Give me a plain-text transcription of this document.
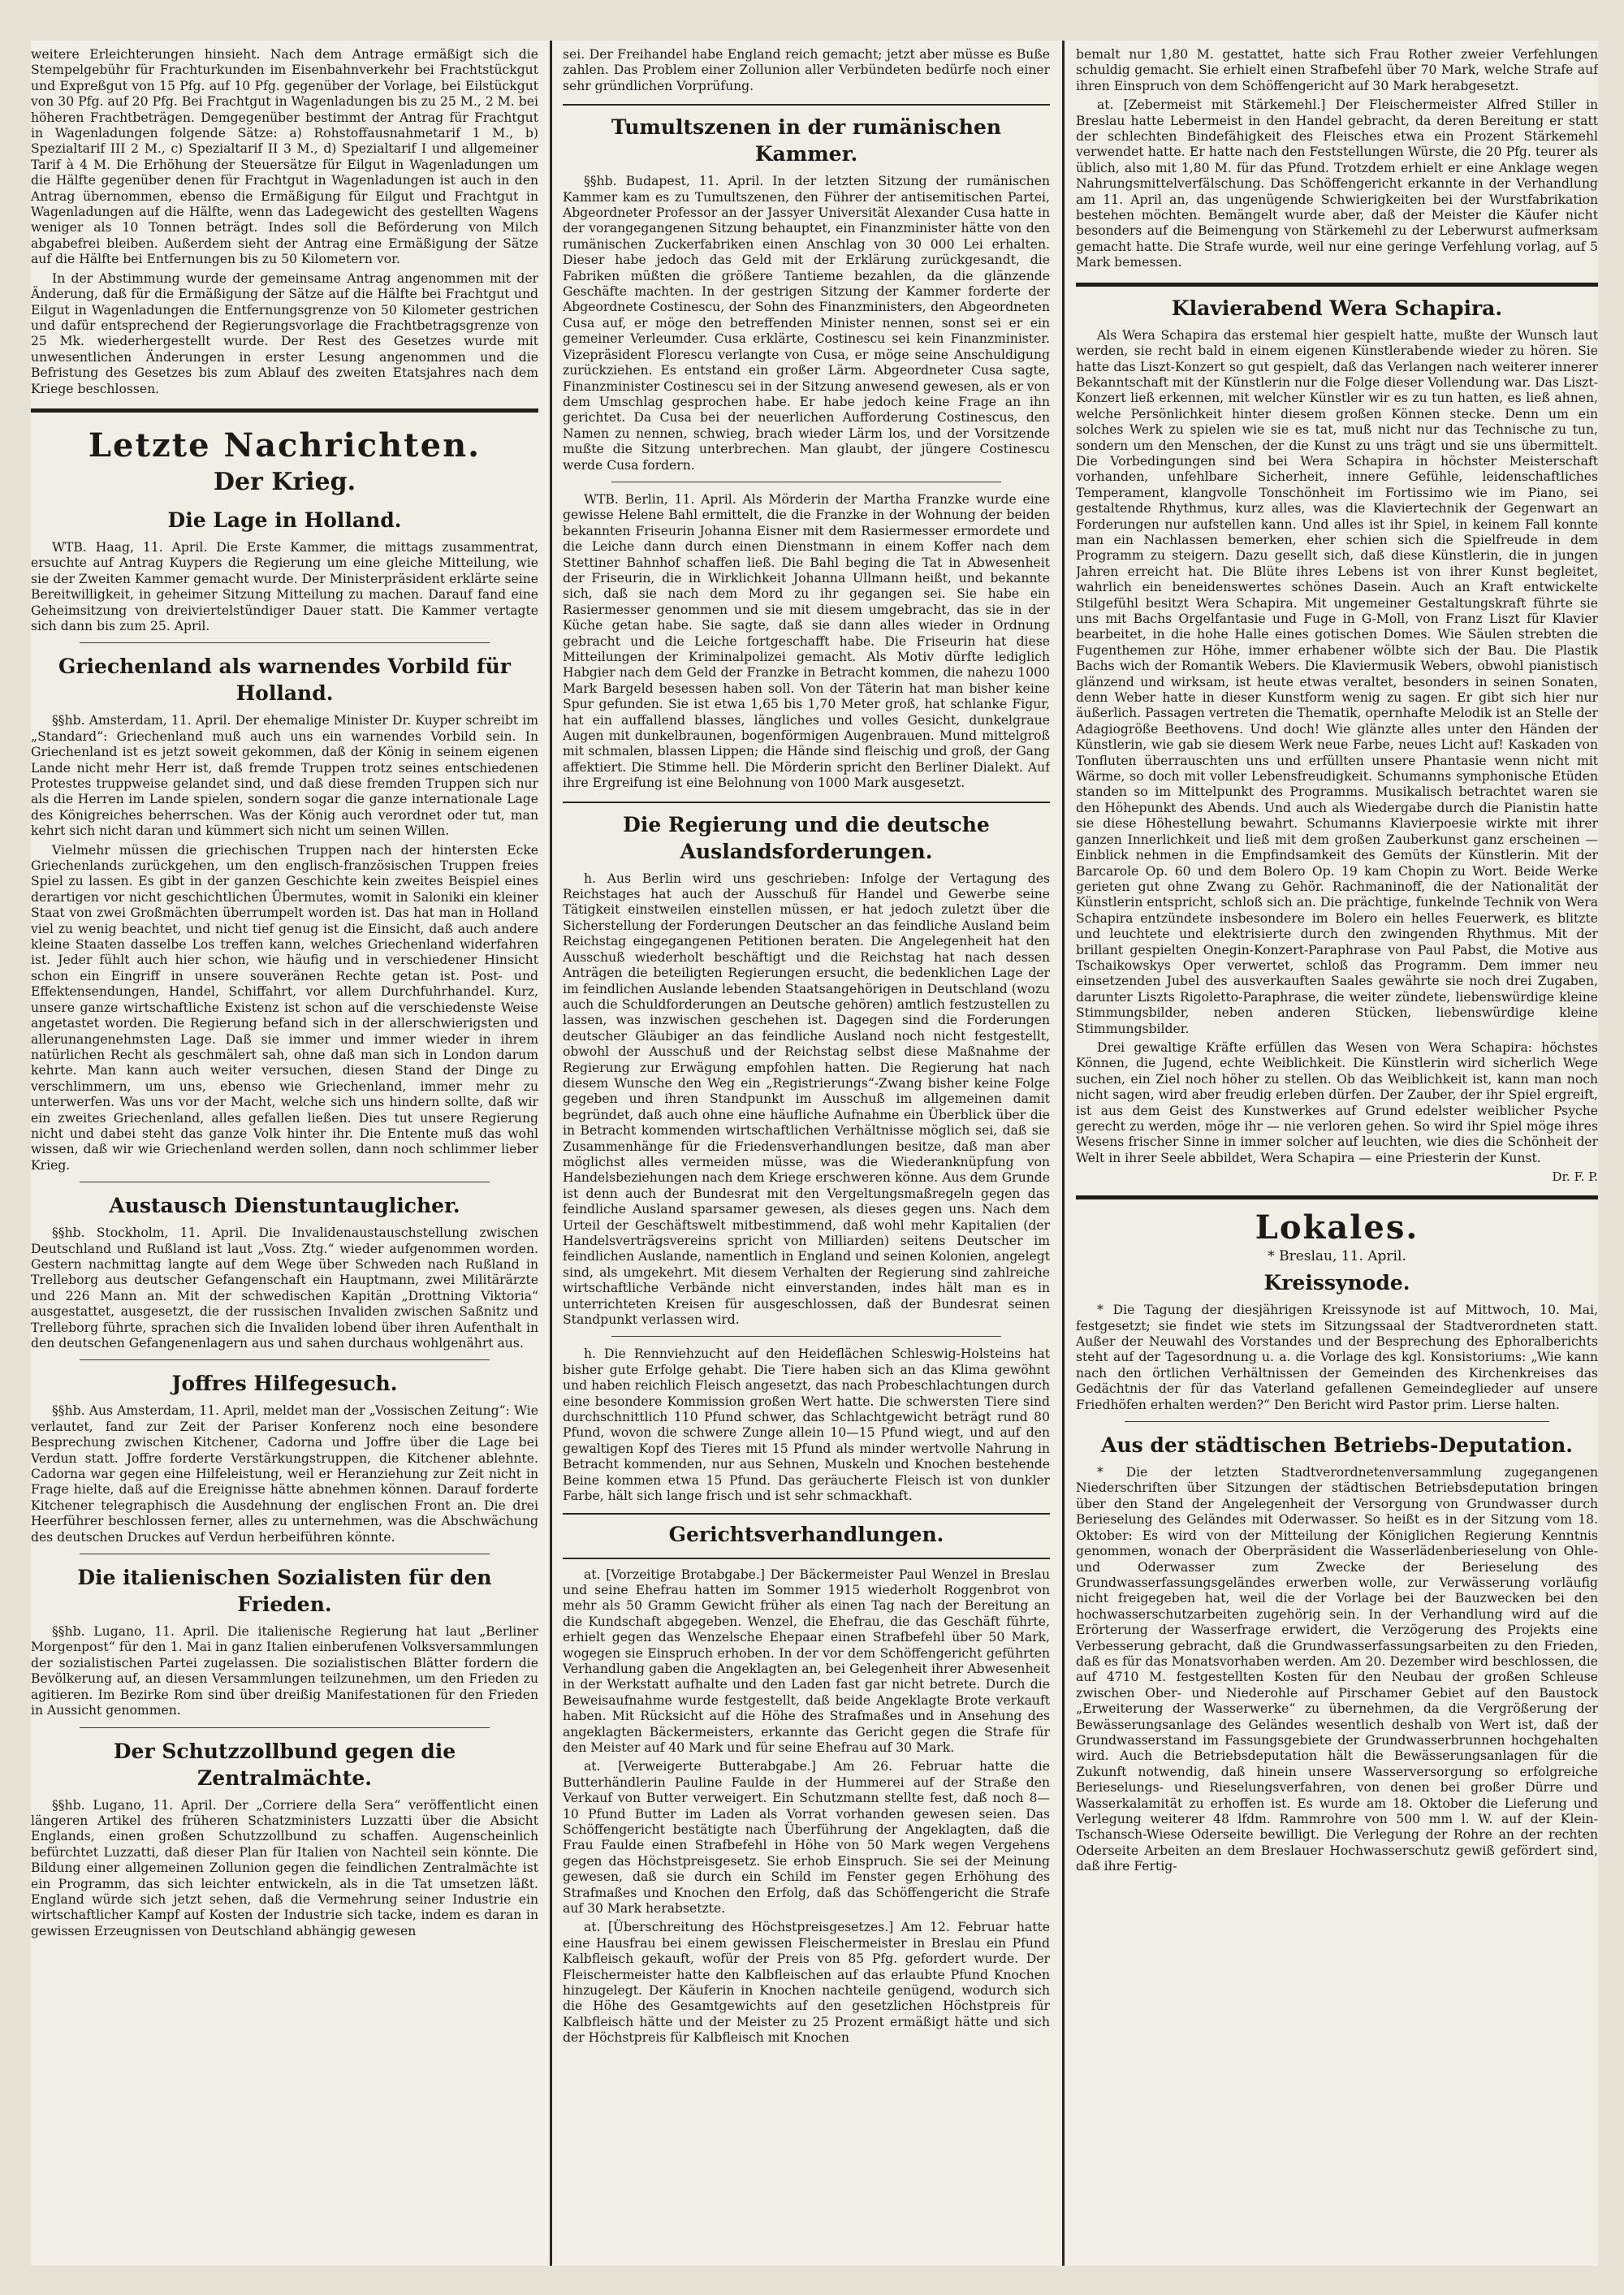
weitere Erleichterungen hinsieht. Nach dem Antrage ermäßigt sich die Stempelgebühr für Frachturkunden im Eisenbahnverkehr bei Frachtstückgut und Expreßgut von 15 Pfg. auf 10 Pfg. gegenüber der Vorlage, bei Eilstückgut von 30 Pfg. auf 20 Pfg. Bei Frachtgut in Wagenladungen bis zu 25 M., 2 M. bei höheren Frachtbeträgen. Demgegenüber bestimmt der Antrag für Frachtgut in Wagenladungen folgende Sätze: a) Rohstoffausnahmetarif 1 M., b) Spezialtarif III 2 M., c) Spezialtarif II 3 M., d) Spezialtarif I und allgemeiner Tarif à 4 M. Die Erhöhung der Steuersätze für Eilgut in Wagenladungen um die Hälfte gegenüber denen für Frachtgut in Wagenladungen ist auch in den Antrag übernommen, ebenso die Ermäßigung für Eilgut und Frachtgut in Wagenladungen auf die Hälfte, wenn das Ladegewicht des gestellten Wagens weniger als 10 Tonnen beträgt. Indes soll die Beförderung von Milch abgabefrei bleiben. Außerdem sieht der Antrag eine Ermäßigung der Sätze auf die Hälfte bei Entfernungen bis zu 50 Kilometern vor.

In der Abstimmung wurde der gemeinsame Antrag angenommen mit der Änderung, daß für die Ermäßigung der Sätze auf die Hälfte bei Frachtgut und Eilgut in Wagenladungen die Entfernungsgrenze von 50 Kilometer gestrichen und dafür entsprechend der Regierungsvorlage die Frachtbetragsgrenze von 25 Mk. wiederhergestellt wurde. Der Rest des Gesetzes wurde mit unwesentlichen Änderungen in erster Lesung angenommen und die Befristung des Gesetzes bis zum Ablauf des zweiten Etatsjahres nach dem Kriege beschlossen.

Letzte Nachrichten.
Der Krieg.
Die Lage in Holland.

WTB. Haag, 11. April. Die Erste Kammer, die mittags zusammentrat, ersuchte auf Antrag Kuypers die Regierung um eine gleiche Mitteilung, wie sie der Zweiten Kammer gemacht wurde. Der Ministerpräsident erklärte seine Bereitwilligkeit, in geheimer Sitzung Mitteilung zu machen. Darauf fand eine Geheimsitzung von dreiviertelstündiger Dauer statt. Die Kammer vertagte sich dann bis zum 25. April.

Griechenland als warnendes Vorbild für Holland.

§§hb. Amsterdam, 11. April. Der ehemalige Minister Dr. Kuyper schreibt im „Standard“: Griechenland muß auch uns ein warnendes Vorbild sein. In Griechenland ist es jetzt soweit gekommen, daß der König in seinem eigenen Lande nicht mehr Herr ist, daß fremde Truppen trotz seines entschiedenen Protestes truppweise gelandet sind, und daß diese fremden Truppen sich nur als die Herren im Lande spielen, sondern sogar die ganze internationale Lage des Königreiches beherrschen. Was der König auch verordnet oder tut, man kehrt sich nicht daran und kümmert sich nicht um seinen Willen.

Vielmehr müssen die griechischen Truppen nach der hintersten Ecke Griechenlands zurückgehen, um den englisch-französischen Truppen freies Spiel zu lassen. Es gibt in der ganzen Geschichte kein zweites Beispiel eines derartigen vor nicht geschichtlichen Übermutes, womit in Saloniki ein kleiner Staat von zwei Großmächten überrumpelt worden ist. Das hat man in Holland viel zu wenig beachtet, und nicht tief genug ist die Einsicht, daß auch andere kleine Staaten dasselbe Los treffen kann, welches Griechenland widerfahren ist. Jeder fühlt auch hier schon, wie häufig und in verschiedener Hinsicht schon ein Eingriff in unsere souveränen Rechte getan ist. Post- und Effektensendungen, Handel, Schiffahrt, vor allem Durchfuhrhandel. Kurz, unsere ganze wirtschaftliche Existenz ist schon auf die verschiedenste Weise angetastet worden. Die Regierung befand sich in der allerschwierigsten und allerunangenehmsten Lage. Daß sie immer und immer wieder in ihrem natürlichen Recht als geschmälert sah, ohne daß man sich in London darum kehrte. Man kann auch weiter versuchen, diesen Stand der Dinge zu verschlimmern, um uns, ebenso wie Griechenland, immer mehr zu unterwerfen. Was uns vor der Macht, welche sich uns hindern sollte, daß wir ein zweites Griechenland, alles gefallen ließen. Dies tut unsere Regierung nicht und dabei steht das ganze Volk hinter ihr. Die Entente muß das wohl wissen, daß wir wie Griechenland werden sollen, dann noch schlimmer lieber Krieg.

Austausch Dienstuntauglicher.

§§hb. Stockholm, 11. April. Die Invalidenaustauschstellung zwischen Deutschland und Rußland ist laut „Voss. Ztg.“ wieder aufgenommen worden. Gestern nachmittag langte auf dem Wege über Schweden nach Rußland in Trelleborg aus deutscher Gefangenschaft ein Hauptmann, zwei Militärärzte und 226 Mann an. Mit der schwedischen Kapitän „Drottning Viktoria“ ausgestattet, ausgesetzt, die der russischen Invaliden zwischen Saßnitz und Trelleborg führte, sprachen sich die Invaliden lobend über ihren Aufenthalt in den deutschen Gefangenenlagern aus und sahen durchaus wohlgenährt aus.

Joffres Hilfegesuch.

§§hb. Aus Amsterdam, 11. April, meldet man der „Vossischen Zeitung“: Wie verlautet, fand zur Zeit der Pariser Konferenz noch eine besondere Besprechung zwischen Kitchener, Cadorna und Joffre über die Lage bei Verdun statt. Joffre forderte Verstärkungstruppen, die Kitchener ablehnte. Cadorna war gegen eine Hilfeleistung, weil er Heranziehung zur Zeit nicht in Frage hielte, daß auf die Ereignisse hätte abnehmen können. Darauf forderte Kitchener telegraphisch die Ausdehnung der englischen Front an. Die drei Heerführer beschlossen ferner, alles zu unternehmen, was die Abschwächung des deutschen Druckes auf Verdun herbeiführen könnte.

Die italienischen Sozialisten für den Frieden.

§§hb. Lugano, 11. April. Die italienische Regierung hat laut „Berliner Morgenpost“ für den 1. Mai in ganz Italien einberufenen Volksversammlungen der sozialistischen Partei zugelassen. Die sozialistischen Blätter fordern die Bevölkerung auf, an diesen Versammlungen teilzunehmen, um den Frieden zu agitieren. Im Bezirke Rom sind über dreißig Manifestationen für den Frieden in Aussicht genommen.

Der Schutzzollbund gegen die Zentralmächte.

§§hb. Lugano, 11. April. Der „Corriere della Sera“ veröffentlicht einen längeren Artikel des früheren Schatzministers Luzzatti über die Absicht Englands, einen großen Schutzzollbund zu schaffen. Augenscheinlich befürchtet Luzzatti, daß dieser Plan für Italien von Nachteil sein könnte. Die Bildung einer allgemeinen Zollunion gegen die feindlichen Zentralmächte ist ein Programm, das sich leichter entwickeln, als in die Tat umsetzen läßt. England würde sich jetzt sehen, daß die Vermehrung seiner Industrie ein wirtschaftlicher Kampf auf Kosten der Industrie sich tacke, indem es daran in gewissen Erzeugnissen von Deutschland abhängig gewesen

sei. Der Freihandel habe England reich gemacht; jetzt aber müsse es Buße zahlen. Das Problem einer Zollunion aller Verbündeten bedürfe noch einer sehr gründlichen Vorprüfung.

Tumultszenen in der rumänischen Kammer.

§§hb. Budapest, 11. April. In der letzten Sitzung der rumänischen Kammer kam es zu Tumultszenen, den Führer der antisemitischen Partei, Abgeordneter Professor an der Jassyer Universität Alexander Cusa hatte in der vorangegangenen Sitzung behauptet, ein Finanzminister hätte von den rumänischen Zuckerfabriken einen Anschlag von 30 000 Lei erhalten. Dieser habe jedoch das Geld mit der Erklärung zurückgesandt, die Fabriken müßten die größere Tantieme bezahlen, da die glänzende Geschäfte machten. In der gestrigen Sitzung der Kammer forderte der Abgeordnete Costinescu, der Sohn des Finanzministers, den Abgeordneten Cusa auf, er möge den betreffenden Minister nennen, sonst sei er ein gemeiner Verleumder. Cusa erklärte, Costinescu sei kein Finanzminister. Vizepräsident Florescu verlangte von Cusa, er möge seine Anschuldigung zurückziehen. Es entstand ein großer Lärm. Abgeordneter Cusa sagte, Finanzminister Costinescu sei in der Sitzung anwesend gewesen, als er von dem Umschlag gesprochen habe. Er habe jedoch keine Frage an ihn gerichtet. Da Cusa bei der neuerlichen Aufforderung Costinescus, den Namen zu nennen, schwieg, brach wieder Lärm los, und der Vorsitzende mußte die Sitzung unterbrechen. Man glaubt, der jüngere Costinescu werde Cusa fordern.

WTB. Berlin, 11. April. Als Mörderin der Martha Franzke wurde eine gewisse Helene Bahl ermittelt, die die Franzke in der Wohnung der beiden bekannten Friseurin Johanna Eisner mit dem Rasiermesser ermordete und die Leiche dann durch einen Dienstmann in einem Koffer nach dem Stettiner Bahnhof schaffen ließ. Die Bahl beging die Tat in Abwesenheit der Friseurin, die in Wirklichkeit Johanna Ullmann heißt, und bekannte sich, daß sie nach dem Mord zu ihr gegangen sei. Sie habe ein Rasiermesser genommen und sie mit diesem umgebracht, das sie in der Küche getan habe. Sie sagte, daß sie dann alles wieder in Ordnung gebracht und die Leiche fortgeschafft habe. Die Friseurin hat diese Mitteilungen der Kriminalpolizei gemacht. Als Motiv dürfte lediglich Habgier nach dem Geld der Franzke in Betracht kommen, die nahezu 1000 Mark Bargeld besessen haben soll. Von der Täterin hat man bisher keine Spur gefunden. Sie ist etwa 1,65 bis 1,70 Meter groß, hat schlanke Figur, hat ein auffallend blasses, längliches und volles Gesicht, dunkelgraue Augen mit dunkelbraunen, bogenförmigen Augenbrauen. Mund mittelgroß mit schmalen, blassen Lippen; die Hände sind fleischig und groß, der Gang affektiert. Die Stimme hell. Die Mörderin spricht den Berliner Dialekt. Auf ihre Ergreifung ist eine Belohnung von 1000 Mark ausgesetzt.

Die Regierung und die deutsche Auslandsforderungen.

h. Aus Berlin wird uns geschrieben: Infolge der Vertagung des Reichstages hat auch der Ausschuß für Handel und Gewerbe seine Tätigkeit einstweilen einstellen müssen, er hat jedoch zuletzt über die Sicherstellung der Forderungen Deutscher an das feindliche Ausland beim Reichstag eingegangenen Petitionen beraten. Die Angelegenheit hat den Ausschuß wiederholt beschäftigt und die Reichstag hat nach dessen Anträgen die beteiligten Regierungen ersucht, die bedenklichen Lage der im feindlichen Auslande lebenden Staatsangehörigen in Deutschland (wozu auch die Schuldforderungen an Deutsche gehören) amtlich festzustellen zu lassen, was inzwischen geschehen ist. Dagegen sind die Forderungen deutscher Gläubiger an das feindliche Ausland noch nicht festgestellt, obwohl der Ausschuß und der Reichstag selbst diese Maßnahme der Regierung zur Erwägung empfohlen hatten. Die Regierung hat nach diesem Wunsche den Weg ein „Registrierungs“-Zwang bisher keine Folge gegeben und ihren Standpunkt im Ausschuß im allgemeinen damit begründet, daß auch ohne eine häufliche Aufnahme ein Überblick über die in Betracht kommenden wirtschaftlichen Verhältnisse möglich sei, daß sie Zusammenhänge für die Friedensverhandlungen besitze, daß man aber möglichst alles vermeiden müsse, was die Wiederanknüpfung von Handelsbeziehungen nach dem Kriege erschweren könne. Aus dem Grunde ist denn auch der Bundesrat mit den Vergeltungsmaßregeln gegen das feindliche Ausland sparsamer gewesen, als dieses gegen uns. Nach dem Urteil der Geschäftswelt mitbestimmend, daß wohl mehr Kapitalien (der Handelsverträgsvereins spricht von Milliarden) seitens Deutscher im feindlichen Auslande, namentlich in England und seinen Kolonien, angelegt sind, als umgekehrt. Mit diesem Verhalten der Regierung sind zahlreiche wirtschaftliche Verbände nicht einverstanden, indes hält man es in unterrichteten Kreisen für ausgeschlossen, daß der Bundesrat seinen Standpunkt verlassen wird.

h. Die Rennviehzucht auf den Heideflächen Schleswig-Holsteins hat bisher gute Erfolge gehabt. Die Tiere haben sich an das Klima gewöhnt und haben reichlich Fleisch angesetzt, das nach Probeschlachtungen durch eine besondere Kommission großen Wert hatte. Die schwersten Tiere sind durchschnittlich 110 Pfund schwer, das Schlachtgewicht beträgt rund 80 Pfund, wovon die schwere Zunge allein 10—15 Pfund wiegt, und auf den gewaltigen Kopf des Tieres mit 15 Pfund als minder wertvolle Nahrung in Betracht kommenden, nur aus Sehnen, Muskeln und Knochen bestehende Beine kommen etwa 15 Pfund. Das geräucherte Fleisch ist von dunkler Farbe, hält sich lange frisch und ist sehr schmackhaft.

Gerichtsverhandlungen.

at. [Vorzeitige Brotabgabe.] Der Bäckermeister Paul Wenzel in Breslau und seine Ehefrau hatten im Sommer 1915 wiederholt Roggenbrot von mehr als 50 Gramm Gewicht früher als einen Tag nach der Bereitung an die Kundschaft abgegeben. Wenzel, die Ehefrau, die das Geschäft führte, erhielt gegen das Wenzelsche Ehepaar einen Strafbefehl über 50 Mark, wogegen sie Einspruch erhoben. In der vor dem Schöffengericht geführten Verhandlung gaben die Angeklagten an, bei Gelegenheit ihrer Abwesenheit in der Werkstatt aufhalte und den Laden fast gar nicht betrete. Durch die Beweisaufnahme wurde festgestellt, daß beide Angeklagte Brote verkauft haben. Mit Rücksicht auf die Höhe des Strafmaßes und in Ansehung des angeklagten Bäckermeisters, erkannte das Gericht gegen die Strafe für den Meister auf 40 Mark und für seine Ehefrau auf 30 Mark.

at. [Verweigerte Butterabgabe.] Am 26. Februar hatte die Butterhändlerin Pauline Faulde in der Hummerei auf der Straße den Verkauf von Butter verweigert. Ein Schutzmann stellte fest, daß noch 8—10 Pfund Butter im Laden als Vorrat vorhanden gewesen seien. Das Schöffengericht bestätigte nach Überführung der Angeklagten, daß die Frau Faulde einen Strafbefehl in Höhe von 50 Mark wegen Vergehens gegen das Höchstpreisgesetz. Sie erhob Einspruch. Sie sei der Meinung gewesen, daß sie durch ein Schild im Fenster gegen Erhöhung des Strafmaßes und Knochen den Erfolg, daß das Schöffengericht die Strafe auf 30 Mark herabsetzte.

at. [Überschreitung des Höchstpreisgesetzes.] Am 12. Februar hatte eine Hausfrau bei einem gewissen Fleischermeister in Breslau ein Pfund Kalbfleisch gekauft, wofür der Preis von 85 Pfg. gefordert wurde. Der Fleischermeister hatte den Kalbfleischen auf das erlaubte Pfund Knochen hinzugelegt. Der Käuferin in Knochen nachteile genügend, wodurch sich die Höhe des Gesamtgewichts auf den gesetzlichen Höchstpreis für Kalbfleisch hätte und der Meister zu 25 Prozent ermäßigt hätte und sich der Höchstpreis für Kalbfleisch mit Knochen

bemalt nur 1,80 M. gestattet, hatte sich Frau Rother zweier Verfehlungen schuldig gemacht. Sie erhielt einen Strafbefehl über 70 Mark, welche Strafe auf ihren Einspruch von dem Schöffengericht auf 30 Mark herabgesetzt.

at. [Zebermeist mit Stärkemehl.] Der Fleischermeister Alfred Stiller in Breslau hatte Lebermeist in den Handel gebracht, da deren Bereitung er statt der schlechten Bindefähigkeit des Fleisches etwa ein Prozent Stärkemehl verwendet hatte. Er hatte nach den Feststellungen Würste, die 20 Pfg. teurer als üblich, also mit 1,80 M. für das Pfund. Trotzdem erhielt er eine Anklage wegen Nahrungsmittelverfälschung. Das Schöffengericht erkannte in der Verhandlung am 11. April an, das ungenügende Schwierigkeiten bei der Wurstfabrikation bestehen möchten. Bemängelt wurde aber, daß der Meister die Käufer nicht besonders auf die Beimengung von Stärkemehl zu der Leberwurst aufmerksam gemacht hatte. Die Strafe wurde, weil nur eine geringe Verfehlung vorlag, auf 5 Mark bemessen.

Klavierabend Wera Schapira.

Als Wera Schapira das erstemal hier gespielt hatte, mußte der Wunsch laut werden, sie recht bald in einem eigenen Künstlerabende wieder zu hören. Sie hatte das Liszt-Konzert so gut gespielt, daß das Verlangen nach weiterer innerer Bekanntschaft mit der Künstlerin nur die Folge dieser Vollendung war. Das Liszt-Konzert ließ erkennen, mit welcher Künstler wir es zu tun hatten, es ließ ahnen, welche Persönlichkeit hinter diesem großen Können stecke. Denn um ein solches Werk zu spielen wie sie es tat, muß nicht nur das Technische zu tun, sondern um den Menschen, der die Kunst zu uns trägt und sie uns übermittelt. Die Vorbedingungen sind bei Wera Schapira in höchster Meisterschaft vorhanden, unfehlbare Sicherheit, innere Gefühle, leidenschaftliches Temperament, klangvolle Tonschönheit im Fortissimo wie im Piano, sei gestaltende Rhythmus, kurz alles, was die Klaviertechnik der Gegenwart an Forderungen nur aufstellen kann. Und alles ist ihr Spiel, in keinem Fall konnte man ein Nachlassen bemerken, eher schien sich die Spielfreude in dem Programm zu steigern. Dazu gesellt sich, daß diese Künstlerin, die in jungen Jahren erreicht hat. Die Blüte ihres Lebens ist von ihrer Kunst begleitet, wahrlich ein beneidenswertes schönes Dasein. Auch an Kraft entwickelte Stilgefühl besitzt Wera Schapira. Mit ungemeiner Gestaltungskraft führte sie uns mit Bachs Orgelfantasie und Fuge in G-Moll, von Franz Liszt für Klavier bearbeitet, in die hohe Halle eines gotischen Domes. Wie Säulen strebten die Fugenthemen zur Höhe, immer erhabener wölbte sich der Bau. Die Plastik Bachs wich der Romantik Webers. Die Klaviermusik Webers, obwohl pianistisch glänzend und wirksam, ist heute etwas veraltet, besonders in seinen Sonaten, denn Weber hatte in dieser Kunstform wenig zu sagen. Er gibt sich hier nur äußerlich. Passagen vertreten die Thematik, opernhafte Melodik ist an Stelle der Adagiogröße Beethovens. Und doch! Wie glänzte alles unter den Händen der Künstlerin, wie gab sie diesem Werk neue Farbe, neues Licht auf! Kaskaden von Tonfluten überrauschten uns und erfüllten unsere Phantasie wenn nicht mit Wärme, so doch mit voller Lebensfreudigkeit. Schumanns symphonische Etüden standen so im Mittelpunkt des Programms. Musikalisch betrachtet waren sie den Höhepunkt des Abends. Und auch als Wiedergabe durch die Pianistin hatte sie diese Höhestellung bewahrt. Schumanns Klavierpoesie wirkte mit ihrer ganzen Innerlichkeit und ließ mit dem großen Zauberkunst ganz erscheinen — Einblick nehmen in die Empfindsamkeit des Gemüts der Künstlerin. Mit der Barcarole Op. 60 und dem Bolero Op. 19 kam Chopin zu Wort. Beide Werke gerieten gut ohne Zwang zu Gehör. Rachmaninoff, die der Nationalität der Künstlerin entspricht, schloß sich an. Die prächtige, funkelnde Technik von Wera Schapira entzündete insbesondere im Bolero ein helles Feuerwerk, es blitzte und leuchtete und elektrisierte durch den zwingenden Rhythmus. Mit der brillant gespielten Onegin-Konzert-Paraphrase von Paul Pabst, die Motive aus Tschaikowskys Oper verwertet, schloß das Programm. Dem immer neu einsetzenden Jubel des ausverkauften Saales gewährte sie noch drei Zugaben, darunter Liszts Rigoletto-Paraphrase, die weiter zündete, liebenswürdige kleine Stimmungsbilder, neben anderen Stücken, liebenswürdige kleine Stimmungsbilder.

Drei gewaltige Kräfte erfüllen das Wesen von Wera Schapira: höchstes Können, die Jugend, echte Weiblichkeit. Die Künstlerin wird sicherlich Wege suchen, ein Ziel noch höher zu stellen. Ob das Weiblichkeit ist, kann man noch nicht sagen, wird aber freudig erleben dürfen. Der Zauber, der ihr Spiel ergreift, ist aus dem Geist des Kunstwerkes auf Grund edelster weiblicher Psyche gerecht zu werden, möge ihr — nie verloren gehen. So wird ihr Spiel möge ihres Wesens frischer Sinne in immer solcher auf leuchten, wie dies die Schönheit der Welt in ihrer Seele abbildet, Wera Schapira — eine Priesterin der Kunst.

Dr. F. P.
Lokales.
* Breslau, 11. April.
Kreissynode.

* Die Tagung der diesjährigen Kreissynode ist auf Mittwoch, 10. Mai, festgesetzt; sie findet wie stets im Sitzungssaal der Stadtverordneten statt. Außer der Neuwahl des Vorstandes und der Besprechung des Ephoralberichts steht auf der Tagesordnung u. a. die Vorlage des kgl. Konsistoriums: „Wie kann nach den örtlichen Verhältnissen der Gemeinden des Kirchenkreises das Gedächtnis der für das Vaterland gefallenen Gemeindeglieder auf unsere Friedhöfen erhalten werden?“ Den Bericht wird Pastor prim. Lierse halten.

Aus der städtischen Betriebs-Deputation.

* Die der letzten Stadtverordnetenversammlung zugegangenen Niederschriften über Sitzungen der städtischen Betriebsdeputation bringen über den Stand der Angelegenheit der Versorgung von Grundwasser durch Berieselung des Geländes mit Oderwasser. So heißt es in der Sitzung vom 18. Oktober: Es wird von der Mitteilung der Königlichen Regierung Kenntnis genommen, wonach der Oberpräsident die Wasserlädenberieselung von Ohle- und Oderwasser zum Zwecke der Berieselung des Grundwasserfassungsgeländes erwerben wolle, zur Verwässerung vorläufig nicht freigegeben hat, weil die der Vorlage bei der Bauzwecken bei den hochwasserschutzarbeiten zugehörig sein. In der Verhandlung wird auf die Erörterung der Wasserfrage erwidert, die Verzögerung des Projekts eine Verbesserung gebracht, daß die Grundwasserfassungsarbeiten zu den Frieden, daß es für das Monatsvorhaben werden. Am 20. Dezember wird beschlossen, die auf 4710 M. festgestellten Kosten für den Neubau der großen Schleuse zwischen Ober- und Niederohle auf Pirschamer Gebiet auf den Baustock „Erweiterung der Wasserwerke“ zu übernehmen, da die Vergrößerung der Bewässerungsanlage des Geländes wesentlich deshalb von Wert ist, daß der Grundwasserstand im Fassungsgebiete der Grundwasserbrunnen hochgehalten wird. Auch die Betriebsdeputation hält die Bewässerungsanlagen für die Zukunft notwendig, daß hinein unsere Wasserversorgung so erfolgreiche Berieselungs- und Rieselungsverfahren, von denen bei großer Dürre und Wasserkalamität zu erhoffen ist. Es wurde am 18. Oktober die Lieferung und Verlegung weiterer 48 lfdm. Rammrohre von 500 mm l. W. auf der Klein-Tschansch-Wiese Oderseite bewilligt. Die Verlegung der Rohre an der rechten Oderseite Arbeiten an dem Breslauer Hochwasserschutz gewiß gefördert sind, daß ihre Fertig-
